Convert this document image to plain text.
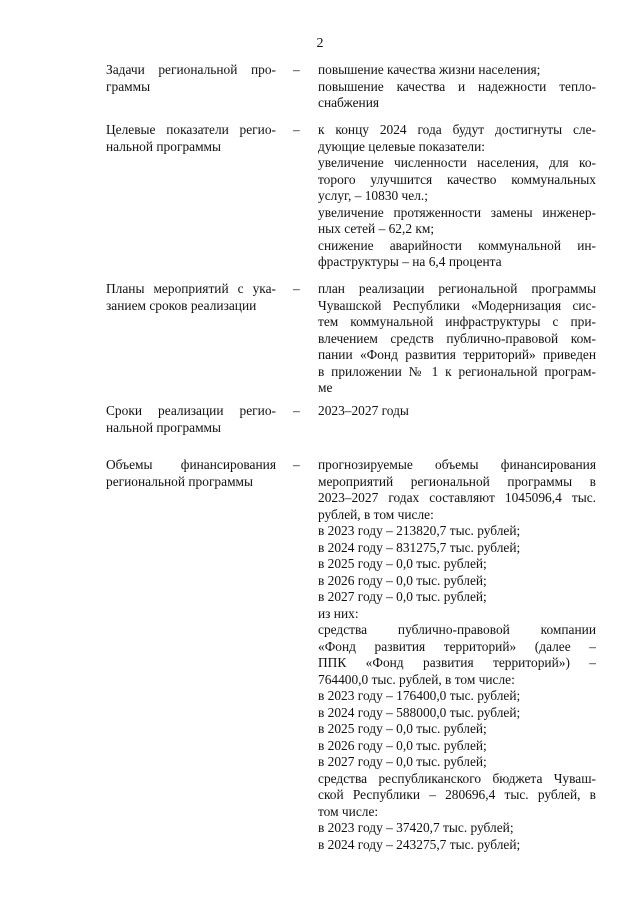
2
Задачи региональной про-
граммы
– повышение качества жизни населения;
повышение качества и надежности тепло-
снабжения
Целевые показатели регио-
нальной программы
– к концу 2024 года будут достигнуты сле-
дующие целевые показатели:
увеличение численности населения, для ко-
торого улучшится качество коммунальных
услуг, – 10830 чел.;
увеличение протяженности замены инженер-
ных сетей – 62,2 км;
снижение аварийности коммунальной ин-
фраструктуры – на 6,4 процента
Планы мероприятий с ука-
занием сроков реализации
– план реализации региональной программы
Чувашской Республики «Модернизация сис-
тем коммунальной инфраструктуры с при-
влечением средств публично-правовой ком-
пании «Фонд развития территорий» приведен
в приложении № 1 к региональной програм-
ме
Сроки реализации регио-
нальной программы
– 2023–2027 годы
Объемы финансирования
региональной программы
– прогнозируемые объемы финансирования
мероприятий региональной программы в
2023–2027 годах составляют 1045096,4 тыс.
рублей, в том числе:
в 2023 году – 213820,7 тыс. рублей;
в 2024 году – 831275,7 тыс. рублей;
в 2025 году – 0,0 тыс. рублей;
в 2026 году – 0,0 тыс. рублей;
в 2027 году – 0,0 тыс. рублей;
из них:
средства публично-правовой компании
«Фонд развития территорий» (далее –
ППК «Фонд развития территорий») –
764400,0 тыс. рублей, в том числе:
в 2023 году – 176400,0 тыс. рублей;
в 2024 году – 588000,0 тыс. рублей;
в 2025 году – 0,0 тыс. рублей;
в 2026 году – 0,0 тыс. рублей;
в 2027 году – 0,0 тыс. рублей;
средства республиканского бюджета Чуваш-
ской Республики – 280696,4 тыс. рублей, в
том числе:
в 2023 году – 37420,7 тыс. рублей;
в 2024 году – 243275,7 тыс. рублей;
